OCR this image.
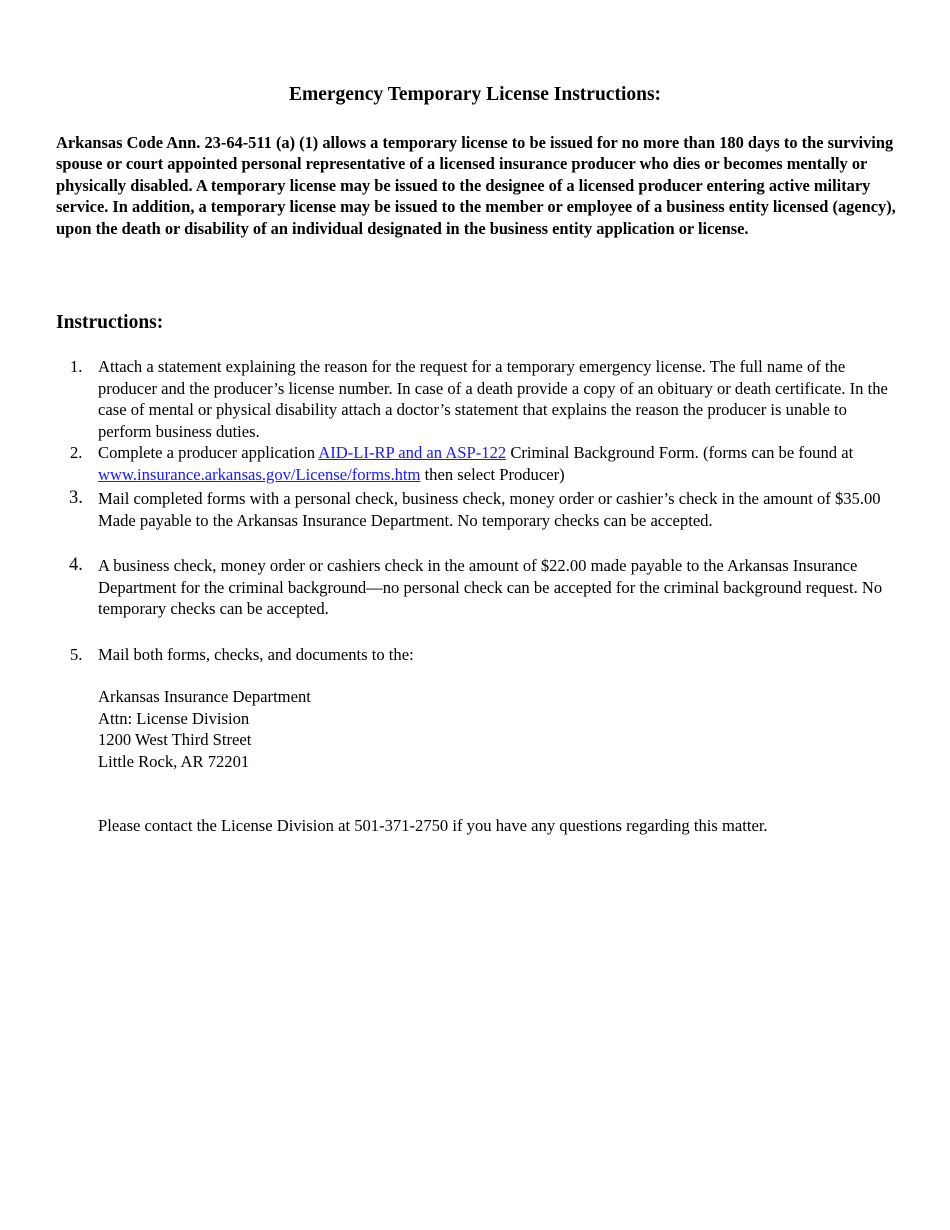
Emergency Temporary License Instructions:
Arkansas Code Ann. 23-64-511 (a) (1) allows a temporary license to be issued for no more than 180 days to the surviving spouse or court appointed personal representative of a licensed insurance producer who dies or becomes mentally or physically disabled. A temporary license may be issued to the designee of a licensed producer entering active military service. In addition, a temporary license may be issued to the member or employee of a business entity licensed (agency), upon the death or disability of an individual designated in the business entity application or license.
Instructions:
1. Attach a statement explaining the reason for the request for a temporary emergency license. The full name of the producer and the producer’s license number. In case of a death provide a copy of an obituary or death certificate. In the case of mental or physical disability attach a doctor’s statement that explains the reason the producer is unable to perform business duties.
2. Complete a producer application AID-LI-RP and an ASP-122 Criminal Background Form. (forms can be found at www.insurance.arkansas.gov/License/forms.htm then select Producer)
3. Mail completed forms with a personal check, business check, money order or cashier’s check in the amount of $35.00 Made payable to the Arkansas Insurance Department. No temporary checks can be accepted.
4. A business check, money order or cashiers check in the amount of $22.00 made payable to the Arkansas Insurance Department for the criminal background—no personal check can be accepted for the criminal background request. No temporary checks can be accepted.
5. Mail both forms, checks, and documents to the:
Arkansas Insurance Department
Attn: License Division
1200 West Third Street
Little Rock, AR 72201
Please contact the License Division at 501-371-2750 if you have any questions regarding this matter.
